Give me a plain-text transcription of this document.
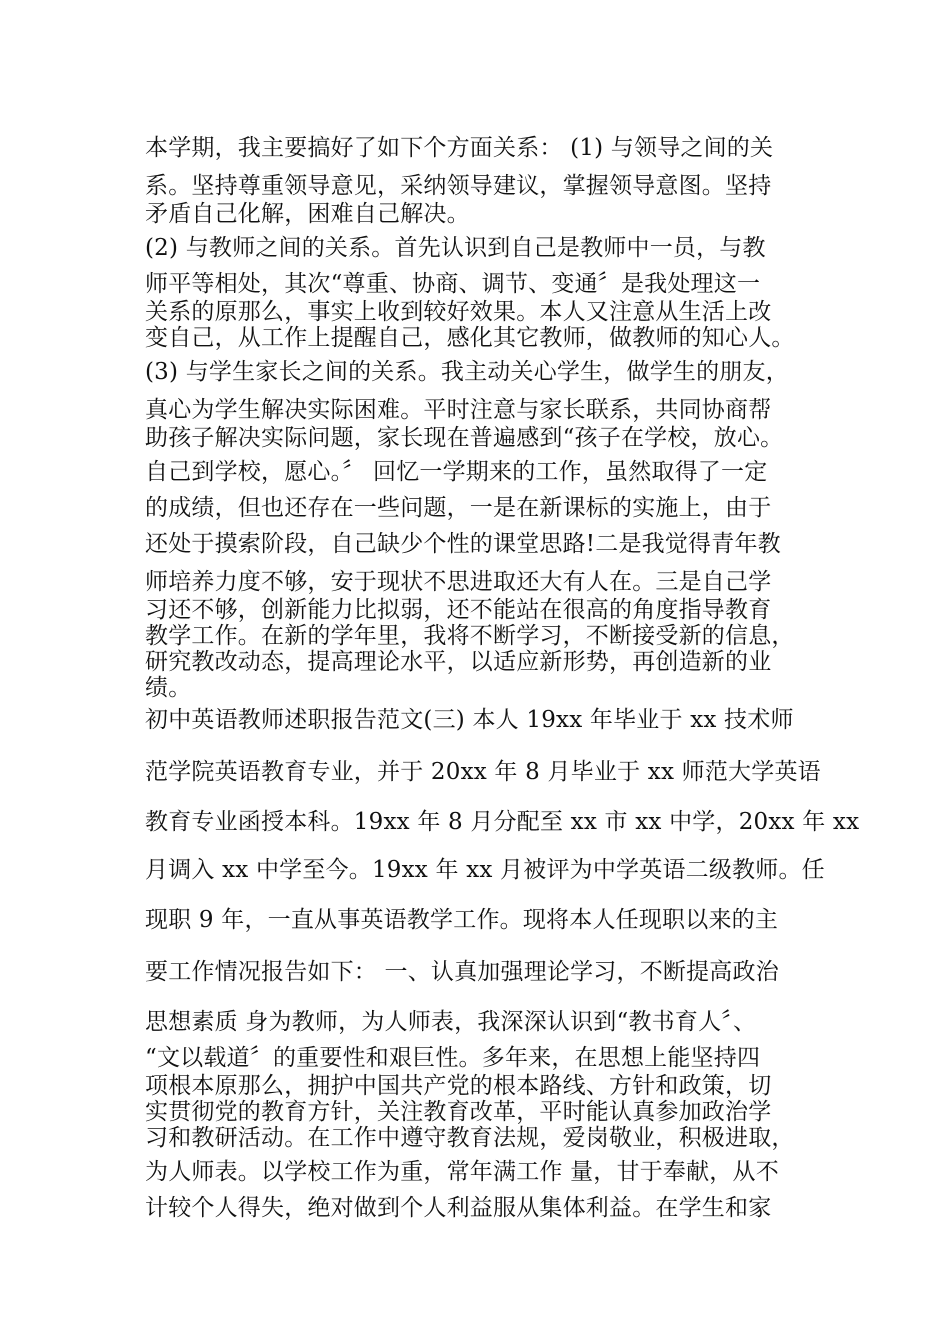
本学期，我主要搞好了如下个方面关系： (1) 与领导之间的关
系。坚持尊重领导意见，采纳领导建议，掌握领导意图。坚持
矛盾自己化解，困难自己解决。
(2) 与教师之间的关系。首先认识到自己是教师中一员，与教
师平等相处，其次“尊重、协商、调节、变通〞是我处理这一
关系的原那么，事实上收到较好效果。本人又注意从生活上改
变自己，从工作上提醒自己，感化其它教师，做教师的知心人。
(3) 与学生家长之间的关系。我主动关心学生，做学生的朋友，
真心为学生解决实际困难。平时注意与家长联系，共同协商帮
助孩子解决实际问题，家长现在普遍感到“孩子在学校，放心。
自己到学校，愿心。〞 回忆一学期来的工作，虽然取得了一定
的成绩，但也还存在一些问题，一是在新课标的实施上，由于
还处于摸索阶段，自己缺少个性的课堂思路!二是我觉得青年教
师培养力度不够，安于现状不思进取还大有人在。三是自己学
习还不够，创新能力比拟弱，还不能站在很高的角度指导教育
教学工作。在新的学年里，我将不断学习，不断接受新的信息，
研究教改动态，提高理论水平，以适应新形势，再创造新的业
绩。
初中英语教师述职报告范文(三) 本人 19xx 年毕业于 xx 技术师
范学院英语教育专业，并于 20xx 年 8 月毕业于 xx 师范大学英语
教育专业函授本科。19xx 年 8 月分配至 xx 市 xx 中学，20xx 年 xx
月调入 xx 中学至今。19xx 年 xx 月被评为中学英语二级教师。任
现职 9 年，一直从事英语教学工作。现将本人任现职以来的主
要工作情况报告如下： 一、认真加强理论学习，不断提高政治
思想素质 身为教师，为人师表，我深深认识到“教书育人〞、
“文以载道〞的重要性和艰巨性。多年来，在思想上能坚持四
项根本原那么，拥护中国共产党的根本路线、方针和政策，切
实贯彻党的教育方针，关注教育改革，平时能认真参加政治学
习和教研活动。在工作中遵守教育法规，爱岗敬业，积极进取，
为人师表。以学校工作为重，常年满工作 量，甘于奉献，从不
计较个人得失，绝对做到个人利益服从集体利益。在学生和家
